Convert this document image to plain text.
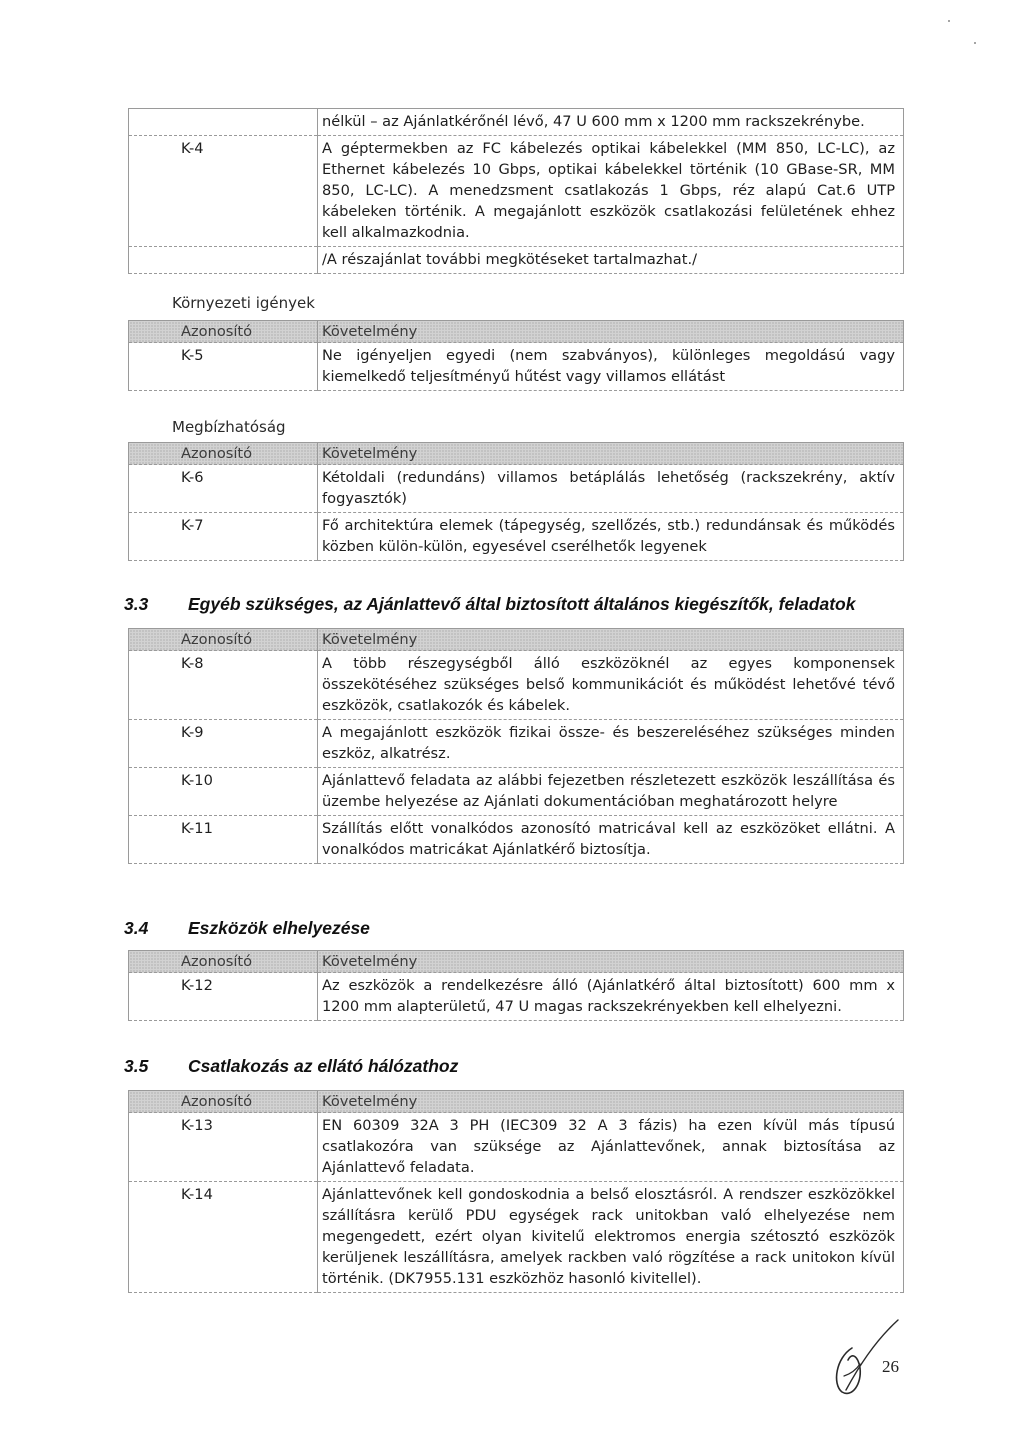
	nélkül – az Ajánlatkérőnél lévő, 47 U 600 mm x 1200 mm rackszekrénybe.
K-4	A géptermekben az FC kábelezés optikai kábelekkel (MM 850, LC-LC), az Ethernet kábelezés 10 Gbps, optikai kábelekkel történik (10 GBase-SR, MM 850, LC-LC). A menedzsment csatlakozás 1 Gbps, réz alapú Cat.6 UTP kábeleken történik. A megajánlott eszközök csatlakozási felületének ehhez kell alkalmazkodnia.
	/A részajánlat további megkötéseket tartalmazhat./
Környezeti igények
Azonosító	Követelmény
K-5	Ne igényeljen egyedi (nem szabványos), különleges megoldású vagy kiemelkedő teljesítményű hűtést vagy villamos ellátást
Megbízhatóság
Azonosító	Követelmény
K-6	Kétoldali (redundáns) villamos betáplálás lehetőség (rackszekrény, aktív fogyasztók)
K-7	Fő architektúra elemek (tápegység, szellőzés, stb.) redundánsak és működés közben külön-külön, egyesével cserélhetők legyenek
3.3 Egyéb szükséges, az Ajánlattevő által biztosított általános kiegészítők, feladatok
Azonosító	Követelmény
K-8	A több részegységből álló eszközöknél az egyes komponensek összekötéséhez szükséges belső kommunikációt és működést lehetővé tévő eszközök, csatlakozók és kábelek.
K-9	A megajánlott eszközök fizikai össze- és beszereléséhez szükséges minden eszköz, alkatrész.
K-10	Ajánlattevő feladata az alábbi fejezetben részletezett eszközök leszállítása és üzembe helyezése az Ajánlati dokumentációban meghatározott helyre
K-11	Szállítás előtt vonalkódos azonosító matricával kell az eszközöket ellátni. A vonalkódos matricákat Ajánlatkérő biztosítja.
3.4 Eszközök elhelyezése
Azonosító	Követelmény
K-12	Az eszközök a rendelkezésre álló (Ajánlatkérő által biztosított) 600 mm x 1200 mm alapterületű, 47 U magas rackszekrényekben kell elhelyezni.
3.5 Csatlakozás az ellátó hálózathoz
Azonosító	Követelmény
K-13	EN 60309 32A 3 PH (IEC309 32 A 3 fázis) ha ezen kívül más típusú csatlakozóra van szüksége az Ajánlattevőnek, annak biztosítása az Ajánlattevő feladata.
K-14	Ajánlattevőnek kell gondoskodnia a belső elosztásról. A rendszer eszközökkel szállításra kerülő PDU egységek rack unitokban való elhelyezése nem megengedett, ezért olyan kivitelű elektromos energia szétosztó eszközök kerüljenek leszállításra, amelyek rackben való rögzítése a rack unitokon kívül történik. (DK7955.131 eszközhöz hasonló kivitellel).
26
